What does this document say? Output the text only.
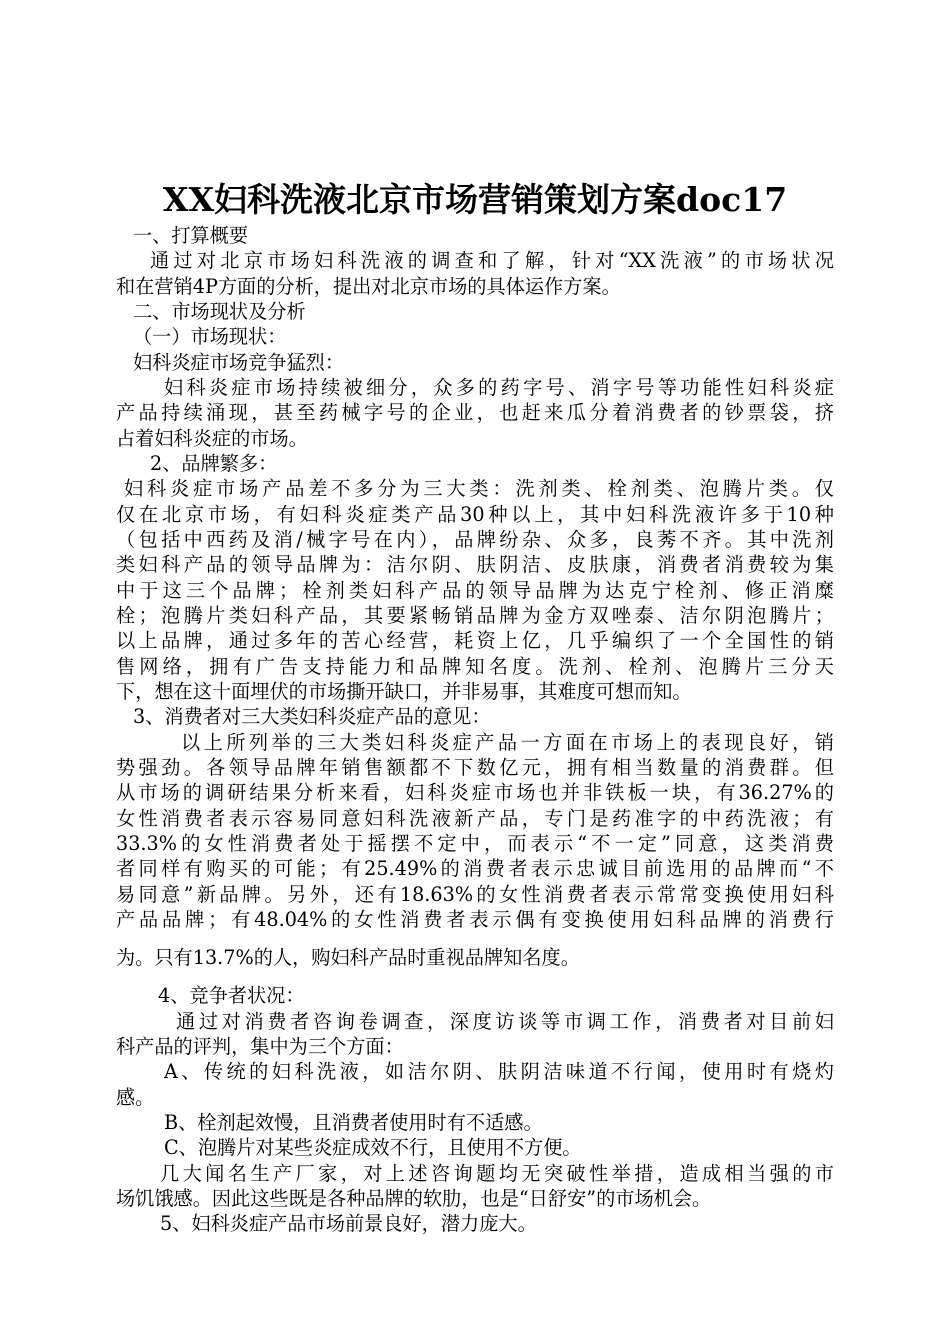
XX妇科洗液北京市场营销策划方案doc17
一、打算概要
通过对北京市场妇科洗液的调查和了解，针对“XX洗液”的市场状况
和在营销4P方面的分析，提出对北京市场的具体运作方案。
二、市场现状及分析
（一）市场现状：
妇科炎症市场竞争猛烈：
妇科炎症市场持续被细分，众多的药字号、消字号等功能性妇科炎症
产品持续涌现，甚至药械字号的企业，也赶来瓜分着消费者的钞票袋，挤
占着妇科炎症的市场。
2、品牌繁多：
妇科炎症市场产品差不多分为三大类：洗剂类、栓剂类、泡腾片类。仅
仅在北京市场，有妇科炎症类产品30种以上，其中妇科洗液许多于10种
（包括中西药及消/械字号在内），品牌纷杂、众多，良莠不齐。其中洗剂
类妇科产品的领导品牌为：洁尔阴、肤阴洁、皮肤康，消费者消费较为集
中于这三个品牌；栓剂类妇科产品的领导品牌为达克宁栓剂、修正消糜
栓；泡腾片类妇科产品，其要紧畅销品牌为金方双唑泰、洁尔阴泡腾片；
以上品牌，通过多年的苦心经营，耗资上亿，几乎编织了一个全国性的销
售网络，拥有广告支持能力和品牌知名度。洗剂、栓剂、泡腾片三分天
下，想在这十面埋伏的市场撕开缺口，并非易事，其难度可想而知。
3、消费者对三大类妇科炎症产品的意见：
以上所列举的三大类妇科炎症产品一方面在市场上的表现良好，销
势强劲。各领导品牌年销售额都不下数亿元，拥有相当数量的消费群。但
从市场的调研结果分析来看，妇科炎症市场也并非铁板一块，有36.27%的
女性消费者表示容易同意妇科洗液新产品，专门是药准字的中药洗液；有
33.3%的女性消费者处于摇摆不定中，而表示“不一定”同意，这类消费
者同样有购买的可能；有25.49%的消费者表示忠诚目前选用的品牌而“不
易同意”新品牌。另外，还有18.63%的女性消费者表示常常变换使用妇科
产品品牌；有48.04%的女性消费者表示偶有变换使用妇科品牌的消费行
为。只有13.7%的人，购妇科产品时重视品牌知名度。
4、竞争者状况：
通过对消费者咨询卷调查，深度访谈等市调工作，消费者对目前妇
科产品的评判，集中为三个方面：
A、传统的妇科洗液，如洁尔阴、肤阴洁味道不行闻，使用时有烧灼
感。
B、栓剂起效慢，且消费者使用时有不适感。
C、泡腾片对某些炎症成效不行，且使用不方便。
几大闻名生产厂家，对上述咨询题均无突破性举措，造成相当强的市
场饥饿感。因此这些既是各种品牌的软肋，也是“日舒安”的市场机会。
5、妇科炎症产品市场前景良好，潜力庞大。
